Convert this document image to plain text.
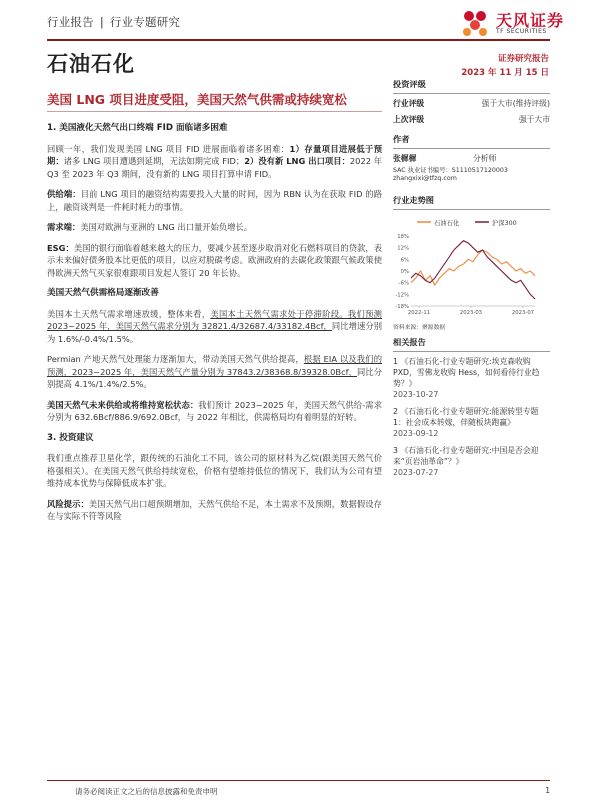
行业报告 | 行业专题研究	天风证券
TF SECURITIES
石油石化	证券研究报告
2023 年 11 月 15 日
美国 LNG 项目进度受阻，美国天然气供需或持续宽松
1. 美国液化天然气出口终端 FID 面临诸多困难

回顾一年，我们发现美国 LNG 项目 FID 进展面临着诸多困难：1）存量项目进展低于预期：诸多 LNG 项目遭遇到延期，无法如期完成 FID；2）没有新 LNG 出口项目：2022 年 Q3 至 2023 年 Q3 期间，没有新的 LNG 项目打算申请 FID。

供给端：目前 LNG 项目的融资结构需要投入大量的时间，因为 RBN 认为在获取 FID 的路上，融资谈判是一件耗时耗力的事情。

需求端：美国对欧洲与亚洲的 LNG 出口量开始负增长。

ESG：美国的银行面临着越来越大的压力，要减少甚至逐步取消对化石燃料项目的贷款，表示未来偏好债务股本比更低的项目，以应对脱碳考虑。欧洲政府的去碳化政策跟气候政策使得欧洲天然气买家很难跟项目发起人签订 20 年长协。

美国天然气供需格局逐渐改善

美国本土天然气需求增速放缓，整体来看，美国本土天然气需求处于停滞阶段。我们预测 2023~2025 年，美国天然气需求分别为 32821.4/32687.4/33182.4Bcf，同比增速分别为 1.6%/-0.4%/1.5%。

Permian 产地天然气处理能力逐渐加大，带动美国天然气供给提高，根据 EIA 以及我们的预测，2023~2025 年，美国天然气产量分别为 37843.2/38368.8/39328.0Bcf，同比分别提高 4.1%/1.4%/2.5%。

美国天然气未来供给或将维持宽松状态：我们预计 2023~2025 年，美国天然气供给-需求分别为 632.6Bcf/886.9/692.0Bcf，与 2022 年相比，供需格局均有着明显的好转。

3. 投资建议

我们重点推荐卫星化学，跟传统的石油化工不同，该公司的原材料为乙烷(跟美国天然气价格强相关）。在美国天然气供给持续宽松，价格有望维持低位的情况下，我们认为公司有望维持成本优势与保障低成本扩张。

风险提示：美国天然气出口超预期增加，天然气供给不足，本土需求不及预期，数据假设存在与实际不符等风险

投资评级
行业评级	强于大市(维持评级)
上次评级	强于大市
作者
张樨樨	分析师
SAC 执业证书编号：S1110517120003
zhangxixi@tfzq.com
行业走势图
石油石化	沪深300
18%
12%
6%
0%
-6%
-12%
-18%
2022-11	2023-03	2023-07
资料来源：聚源数据
相关报告
1 《石油石化-行业专题研究:埃克森收购 PXD，雪佛龙收购 Hess，如何看待行业趋势？》
2023-10-27
2 《石油石化-行业专题研究:能源转型专题 1：社会成本转嫁，伴随板块跑赢》
2023-09-12
3 《石油石化-行业专题研究:中国是否会迎来“页岩油革命”？》
2023-07-27
请务必阅读正文之后的信息披露和免责申明	1
